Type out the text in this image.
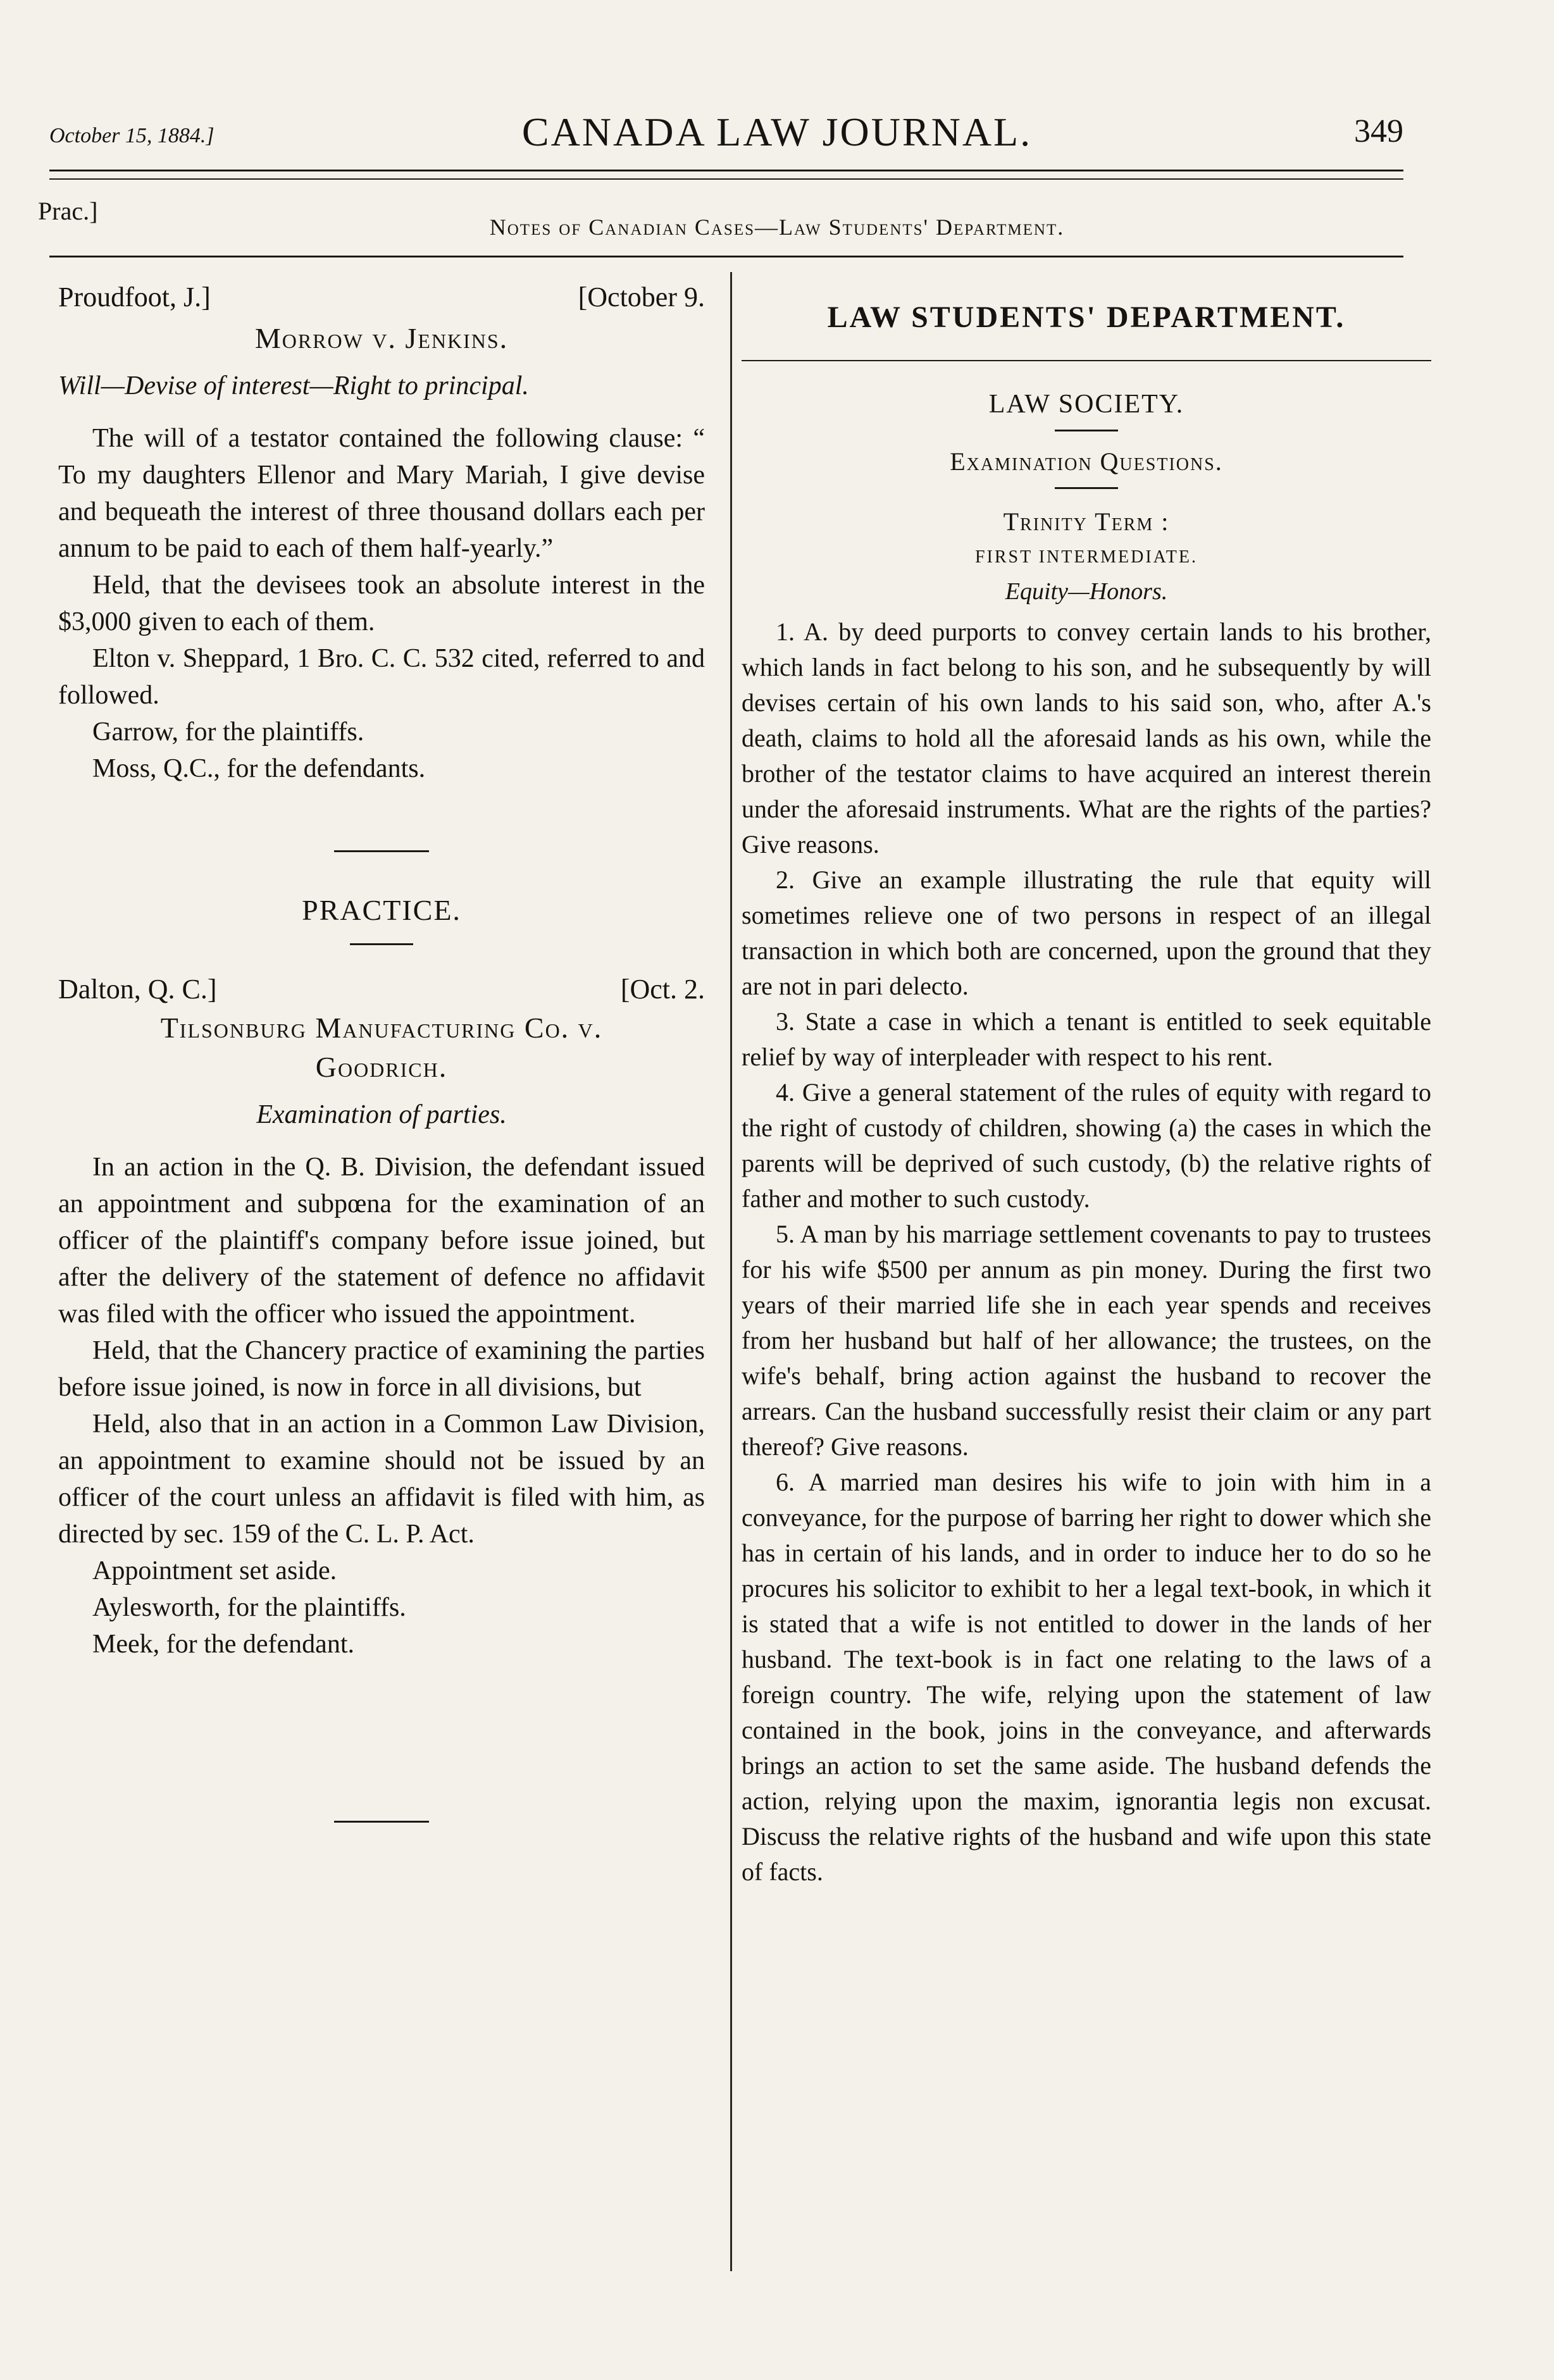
October 15, 1884.]	CANADA LAW JOURNAL.	349
Prac.]
Notes of Canadian Cases—Law Students' Department.
Proudfoot, J.]	[October 9.
Morrow v. Jenkins.
Will—Devise of interest—Right to principal.

The will of a testator contained the following clause: “ To my daughters Ellenor and Mary Mariah, I give devise and bequeath the interest of three thousand dollars each per annum to be paid to each of them half-yearly.”

Held, that the devisees took an absolute interest in the $3,000 given to each of them.

Elton v. Sheppard, 1 Bro. C. C. 532 cited, referred to and followed.

Garrow, for the plaintiffs.

Moss, Q.C., for the defendants.

PRACTICE.
Dalton, Q. C.]	[Oct. 2.
Tilsonburg Manufacturing Co. v.
Goodrich.
Examination of parties.

In an action in the Q. B. Division, the defendant issued an appointment and subpœna for the examination of an officer of the plaintiff's company before issue joined, but after the delivery of the statement of defence no affidavit was filed with the officer who issued the appointment.

Held, that the Chancery practice of examining the parties before issue joined, is now in force in all divisions, but

Held, also that in an action in a Common Law Division, an appointment to examine should not be issued by an officer of the court unless an affidavit is filed with him, as directed by sec. 159 of the C. L. P. Act.

Appointment set aside.

Aylesworth, for the plaintiffs.

Meek, for the defendant.

LAW STUDENTS' DEPARTMENT.
LAW SOCIETY.
Examination Questions.
Trinity Term :
FIRST INTERMEDIATE.
Equity—Honors.

1. A. by deed purports to convey certain lands to his brother, which lands in fact belong to his son, and he subsequently by will devises certain of his own lands to his said son, who, after A.'s death, claims to hold all the aforesaid lands as his own, while the brother of the testator claims to have acquired an interest therein under the aforesaid instruments. What are the rights of the parties? Give reasons.

2. Give an example illustrating the rule that equity will sometimes relieve one of two persons in respect of an illegal transaction in which both are concerned, upon the ground that they are not in pari delecto.

3. State a case in which a tenant is entitled to seek equitable relief by way of interpleader with respect to his rent.

4. Give a general statement of the rules of equity with regard to the right of custody of children, showing (a) the cases in which the parents will be deprived of such custody, (b) the relative rights of father and mother to such custody.

5. A man by his marriage settlement covenants to pay to trustees for his wife $500 per annum as pin money. During the first two years of their married life she in each year spends and receives from her husband but half of her allowance; the trustees, on the wife's behalf, bring action against the husband to recover the arrears. Can the husband successfully resist their claim or any part thereof? Give reasons.

6. A married man desires his wife to join with him in a conveyance, for the purpose of barring her right to dower which she has in certain of his lands, and in order to induce her to do so he procures his solicitor to exhibit to her a legal text-book, in which it is stated that a wife is not entitled to dower in the lands of her husband. The text-book is in fact one relating to the laws of a foreign country. The wife, relying upon the statement of law contained in the book, joins in the conveyance, and afterwards brings an action to set the same aside. The husband defends the action, relying upon the maxim, ignorantia legis non excusat. Discuss the relative rights of the husband and wife upon this state of facts.
